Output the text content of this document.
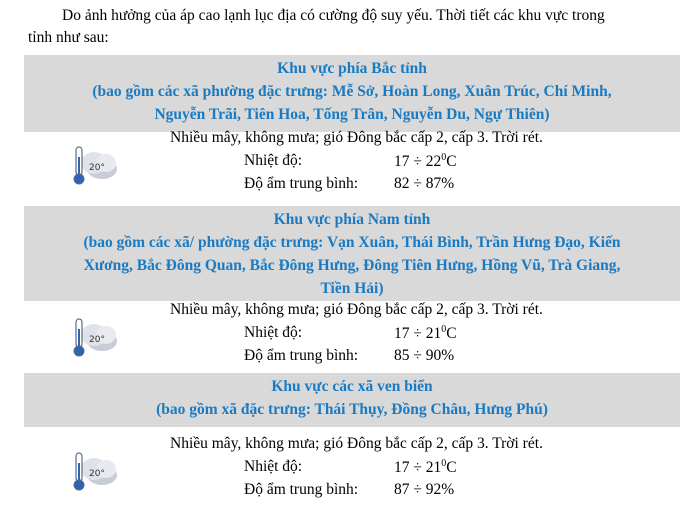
Do ảnh hưởng của áp cao lạnh lục địa có cường độ suy yếu. Thời tiết các khu vực trong
tỉnh như sau:
Khu vực phía Bắc tỉnh
(bao gồm các xã phường đặc trưng: Mễ Sở, Hoàn Long, Xuân Trúc, Chí Minh,
Nguyễn Trãi, Tiên Hoa, Tống Trân, Nguyễn Du, Ngự Thiên)
20°
Nhiều mây, không mưa; gió Đông bắc cấp 2, cấp 3. Trời rét.
Nhiệt độ:	$17 \div 22^0C$
Độ ẩm trung bình: 82 ÷ 87%
Khu vực phía Nam tỉnh
(bao gồm các xã/ phường đặc trưng: Vạn Xuân, Thái Bình, Trần Hưng Đạo, Kiến
Xương, Bắc Đông Quan, Bắc Đông Hưng, Đông Tiên Hưng, Hồng Vũ, Trà Giang,
Tiền Hải)
20°
Nhiều mây, không mưa; gió Đông bắc cấp 2, cấp 3. Trời rét.
Nhiệt độ:	$17 \div 21^0C$
Độ ẩm trung bình: 85 ÷ 90%
Khu vực các xã ven biển
(bao gồm xã đặc trưng: Thái Thụy, Đồng Châu, Hưng Phú)
20°
Nhiều mây, không mưa; gió Đông bắc cấp 2, cấp 3. Trời rét.
Nhiệt độ:	$17 \div 21^0C$
Độ ẩm trung bình: 87 ÷ 92%
